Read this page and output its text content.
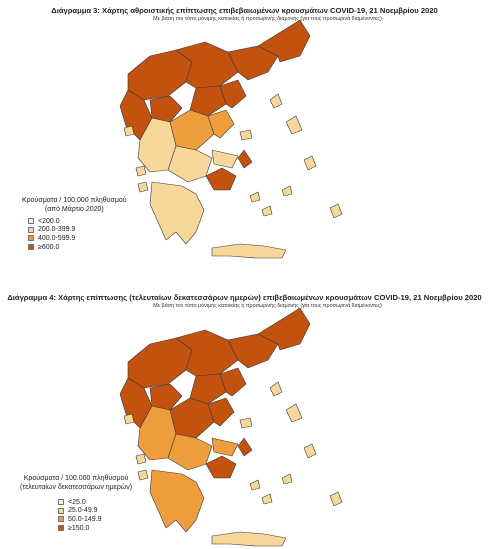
Διάγραμμα 3: Χάρτης αθροιστικής επίπτωσης επιβεβαιωμένων κρουσμάτων COVID-19, 21 Νοεμβρίου 2020
Με βάση τον τόπο μόνιμης κατοικίας ή προσωρινής διαμονής (για τους προσωρινά διαμένοντες)
Κρούσματα / 100.000 πληθυσμού
(από Μάρτιο 2020)
<200.0
200.0-399.9
400.0-599.9
≥600.0
Διάγραμμα 4: Χάρτης επίπτωσης (τελευταίων δεκατεσσάρων ημερών) επιβεβαιωμένων κρουσμάτων COVID-19, 21 Νοεμβρίου 2020
Με βάση τον τόπο μόνιμης κατοικίας ή προσωρινής διαμονής (για τους προσωρινά διαμένοντες)
Κρούσματα / 100.000 πληθυσμού
(τελευταίων δεκατεσσάρων ημερών)
<25.0
25.0-49.9
50.0-149.9
≥150.0
